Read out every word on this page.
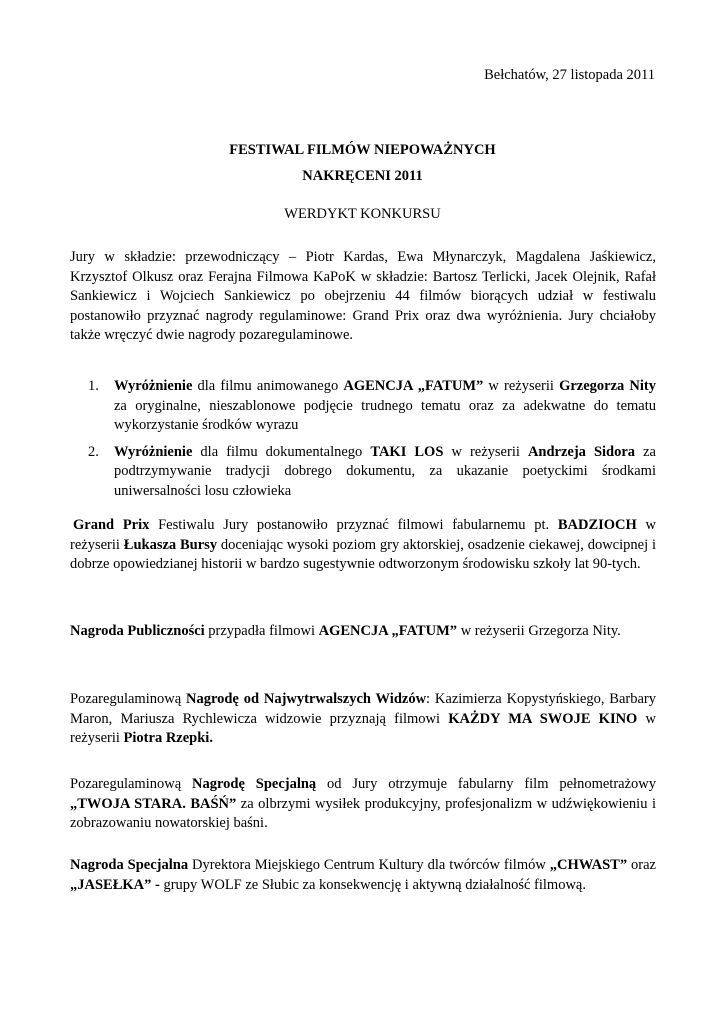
Bełchatów, 27 listopada 2011
FESTIWAL FILMÓW NIEPOWAŻNYCH
NAKRĘCENI 2011
WERDYKT KONKURSU

Jury w składzie: przewodniczący – Piotr Kardas, Ewa Młynarczyk, Magdalena Jaśkiewicz, Krzysztof Olkusz oraz Ferajna Filmowa KaPoK w składzie: Bartosz Terlicki, Jacek Olejnik, Rafał Sankiewicz i Wojciech Sankiewicz po obejrzeniu 44 filmów biorących udział w festiwalu postanowiło przyznać nagrody regulaminowe: Grand Prix oraz dwa wyróżnienia. Jury chciałoby także wręczyć dwie nagrody pozaregulaminowe.

1.	Wyróżnienie dla filmu animowanego AGENCJA „FATUM” w reżyserii Grzegorza Nity za oryginalne, nieszablonowe podjęcie trudnego tematu oraz za adekwatne do tematu wykorzystanie środków wyrazu
2.	Wyróżnienie dla filmu dokumentalnego TAKI LOS w reżyserii Andrzeja Sidora za podtrzymywanie tradycji dobrego dokumentu, za ukazanie poetyckimi środkami uniwersalności losu człowieka

Grand Prix Festiwalu Jury postanowiło przyznać filmowi fabularnemu pt. BADZIOCH w reżyserii Łukasza Bursy doceniając wysoki poziom gry aktorskiej, osadzenie ciekawej, dowcipnej i dobrze opowiedzianej historii w bardzo sugestywnie odtworzonym środowisku szkoły lat 90-tych.

Nagroda Publiczności przypadła filmowi AGENCJA „FATUM” w reżyserii Grzegorza Nity.

Pozaregulaminową Nagrodę od Najwytrwalszych Widzów: Kazimierza Kopystyńskiego, Barbary Maron, Mariusza Rychlewicza widzowie przyznają filmowi KAŻDY MA SWOJE KINO w reżyserii Piotra Rzepki.

Pozaregulaminową Nagrodę Specjalną od Jury otrzymuje fabularny film pełnometrażowy „TWOJA STARA. BAŚŃ” za olbrzymi wysiłek produkcyjny, profesjonalizm w udźwiękowieniu i zobrazowaniu nowatorskiej baśni.

Nagroda Specjalna Dyrektora Miejskiego Centrum Kultury dla twórców filmów „CHWAST” oraz „JASEŁKA” - grupy WOLF ze Słubic za konsekwencję i aktywną działalność filmową.
